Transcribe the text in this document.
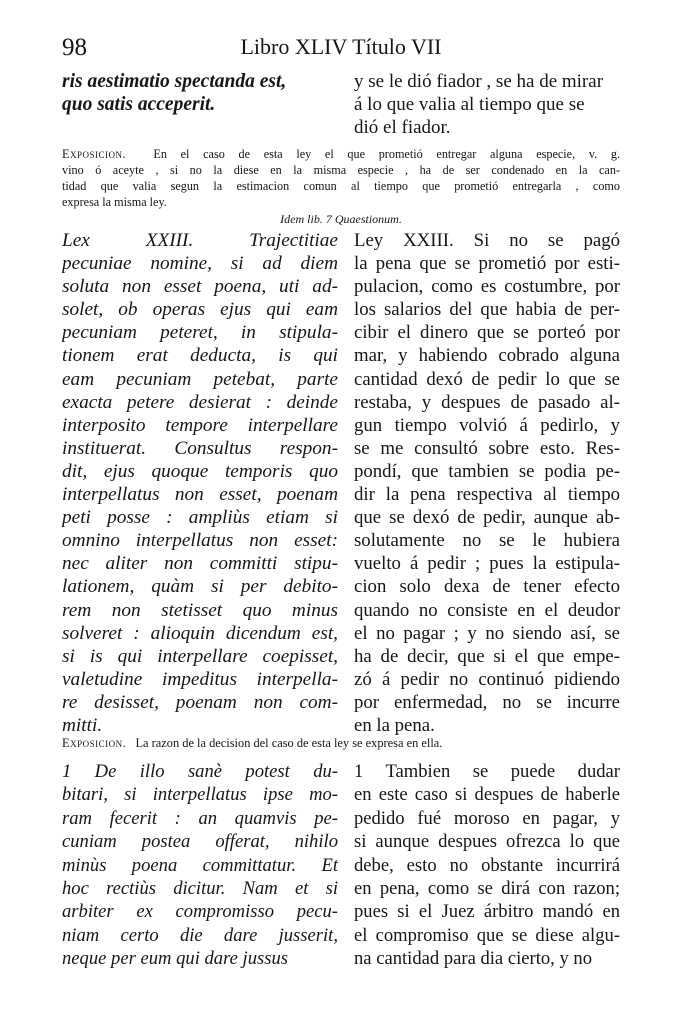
98	Libro XLIV Título VII
ris aestimatio spectanda est,
quo satis acceperit.
y se le dió fiador , se ha de mirar
á lo que valia al tiempo que se
dió el fiador.
Exposicion. En el caso de esta ley el que prometió entregar alguna especie, v. g.
vino ó aceyte , si no la diese en la misma especie , ha de ser condenado en la can-
tidad que valia segun la estimacion comun al tiempo que prometió entregarla , como
expresa la misma ley.
Idem lib. 7 Quaestionum.
Lex XXIII. Trajectitiae
pecuniae nomine, si ad diem
soluta non esset poena, uti ad-
solet, ob operas ejus qui eam
pecuniam peteret, in stipula-
tionem erat deducta, is qui
eam pecuniam petebat, parte
exacta petere desierat : deinde
interposito tempore interpellare
instituerat. Consultus respon-
dit, ejus quoque temporis quo
interpellatus non esset, poenam
peti posse : ampliùs etiam si
omnino interpellatus non esset:
nec aliter non committi stipu-
lationem, quàm si per debito-
rem non stetisset quo minus
solveret : alioquin dicendum est,
si is qui interpellare coepisset,
valetudine impeditus interpella-
re desisset, poenam non com-
mitti.
Ley XXIII. Si no se pagó
la pena que se prometió por esti-
pulacion, como es costumbre, por
los salarios del que habia de per-
cibir el dinero que se porteó por
mar, y habiendo cobrado alguna
cantidad dexó de pedir lo que se
restaba, y despues de pasado al-
gun tiempo volvió á pedirlo, y
se me consultó sobre esto. Res-
pondí, que tambien se podia pe-
dir la pena respectiva al tiempo
que se dexó de pedir, aunque ab-
solutamente no se le hubiera
vuelto á pedir ; pues la estipula-
cion solo dexa de tener efecto
quando no consiste en el deudor
el no pagar ; y no siendo así, se
ha de decir, que si el que empe-
zó á pedir no continuó pidiendo
por enfermedad, no se incurre
en la pena.
Exposicion. La razon de la decision del caso de esta ley se expresa en ella.
1 De illo sanè potest du-
bitari, si interpellatus ipse mo-
ram fecerit : an quamvis pe-
cuniam postea offerat, nihilo
minùs poena committatur. Et
hoc rectiùs dicitur. Nam et si
arbiter ex compromisso pecu-
niam certo die dare jusserit,
neque per eum qui dare jussus
1 Tambien se puede dudar
en este caso si despues de haberle
pedido fué moroso en pagar, y
si aunque despues ofrezca lo que
debe, esto no obstante incurrirá
en pena, como se dirá con razon;
pues si el Juez árbitro mandó en
el compromiso que se diese algu-
na cantidad para dia cierto, y no
